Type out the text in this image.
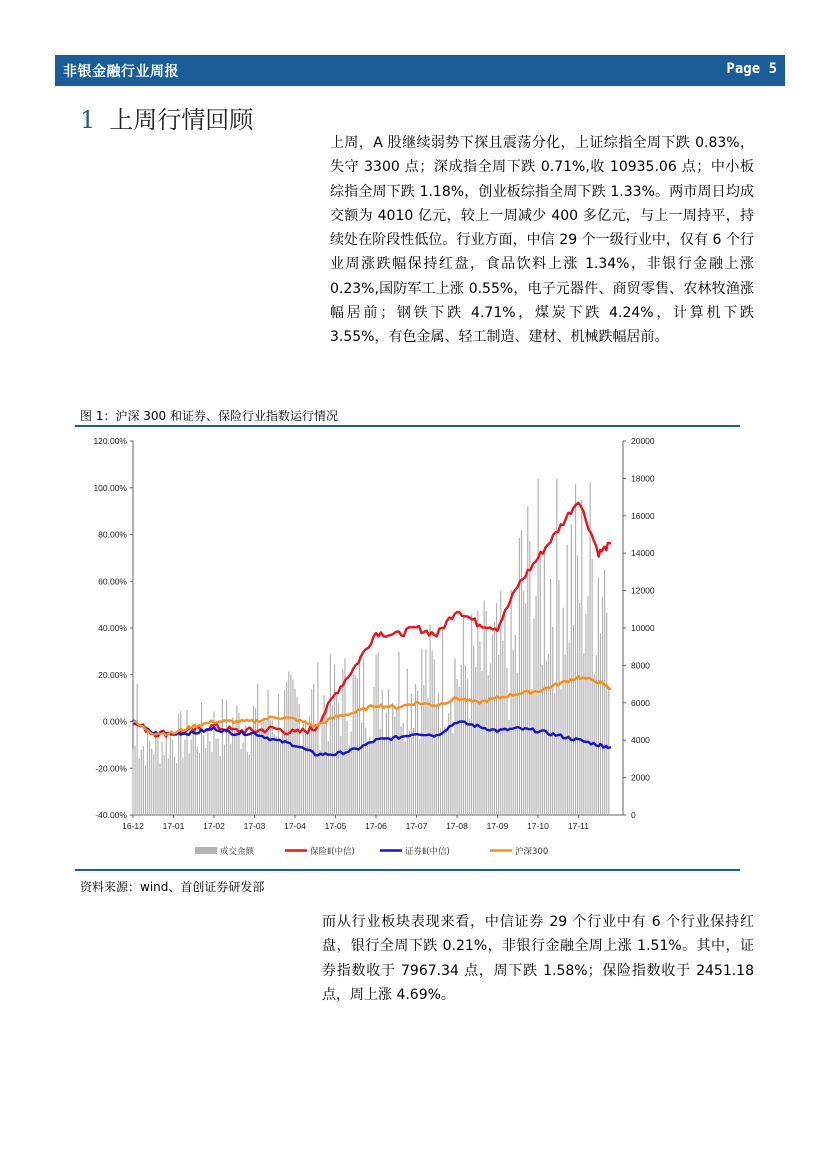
非银金融行业周报	Page 5
1 上周行情回顾
上周，A 股继续弱势下探且震荡分化，上证综指全周下跌 0.83%，失守 3300 点；深成指全周下跌 0.71%,收 10935.06 点；中小板综指全周下跌 1.18%，创业板综指全周下跌 1.33%。两市周日均成交额为 4010 亿元，较上一周减少 400 多亿元，与上一周持平，持续处在阶段性低位。行业方面，中信 29 个一级行业中，仅有 6 个行业周涨跌幅保持红盘，食品饮料上涨 1.34%，非银行金融上涨 0.23%,国防军工上涨 0.55%，电子元器件、商贸零售、农林牧渔涨幅居前；钢铁下跌 4.71%，煤炭下跌 4.24%，计算机下跌 3.55%，有色金属、轻工制造、建材、机械跌幅居前。
图 1：沪深 300 和证券、保险行业指数运行情况
120.00%
100.00%
80.00%
60.00%
40.00%
20.00%
0.00%
-20.00%
-40.00%
20000
18000
16000
14000
12000
10000
8000
6000
4000
2000
0
16-12 17-01 17-02 17-03 17-04 17-05 17-06 17-07 17-08 17-09 17-10 17-11
成交金额	保险Ⅱ(中信)	证券Ⅱ(中信)	沪深300
资料来源：wind、首创证券研发部
而从行业板块表现来看，中信证券 29 个行业中有 6 个行业保持红盘，银行全周下跌 0.21%，非银行金融全周上涨 1.51%。其中，证券指数收于 7967.34 点，周下跌 1.58%；保险指数收于 2451.18 点，周上涨 4.69%。
